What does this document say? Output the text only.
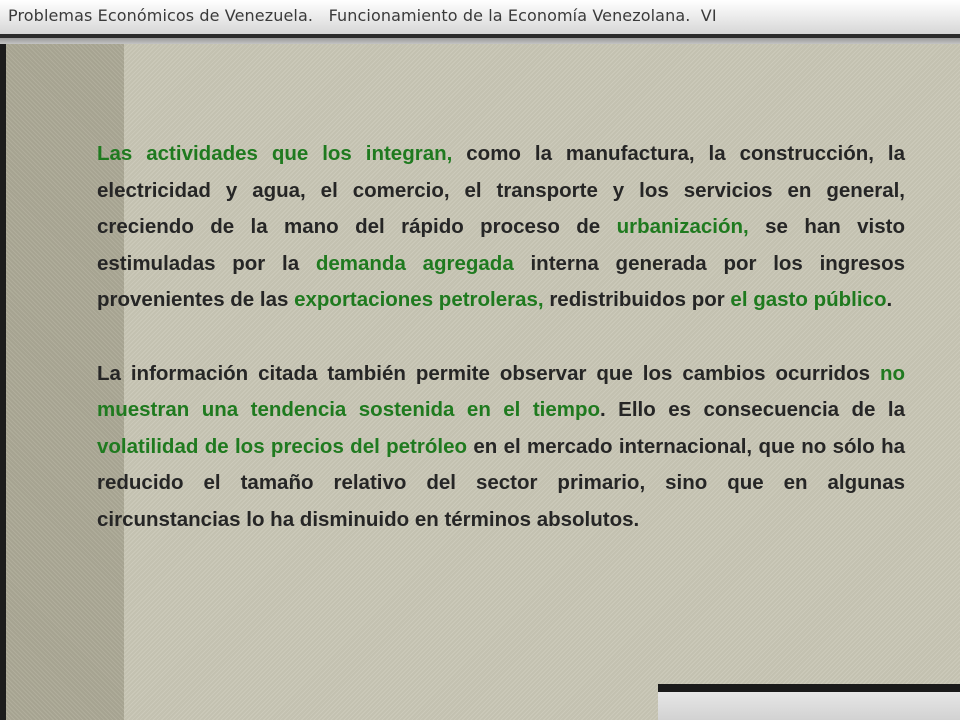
Problemas Económicos de Venezuela.   Funcionamiento de la Economía Venezolana.  VI

Las actividades que los integran, como la manufactura, la construcción, la electricidad y agua, el comercio, el transporte y los servicios en general, creciendo de la mano del rápido proceso de urbanización, se han visto estimuladas por la demanda agregada interna generada por los ingresos provenientes de las exportaciones petroleras, redistribuidos por el gasto público.

La información citada también permite observar que los cambios ocurridos no muestran una tendencia sostenida en el tiempo. Ello es consecuencia de la volatilidad de los precios del petróleo en el mercado internacional, que no sólo ha reducido el tamaño relativo del sector primario, sino que en algunas circunstancias lo ha disminuido en términos absolutos.
